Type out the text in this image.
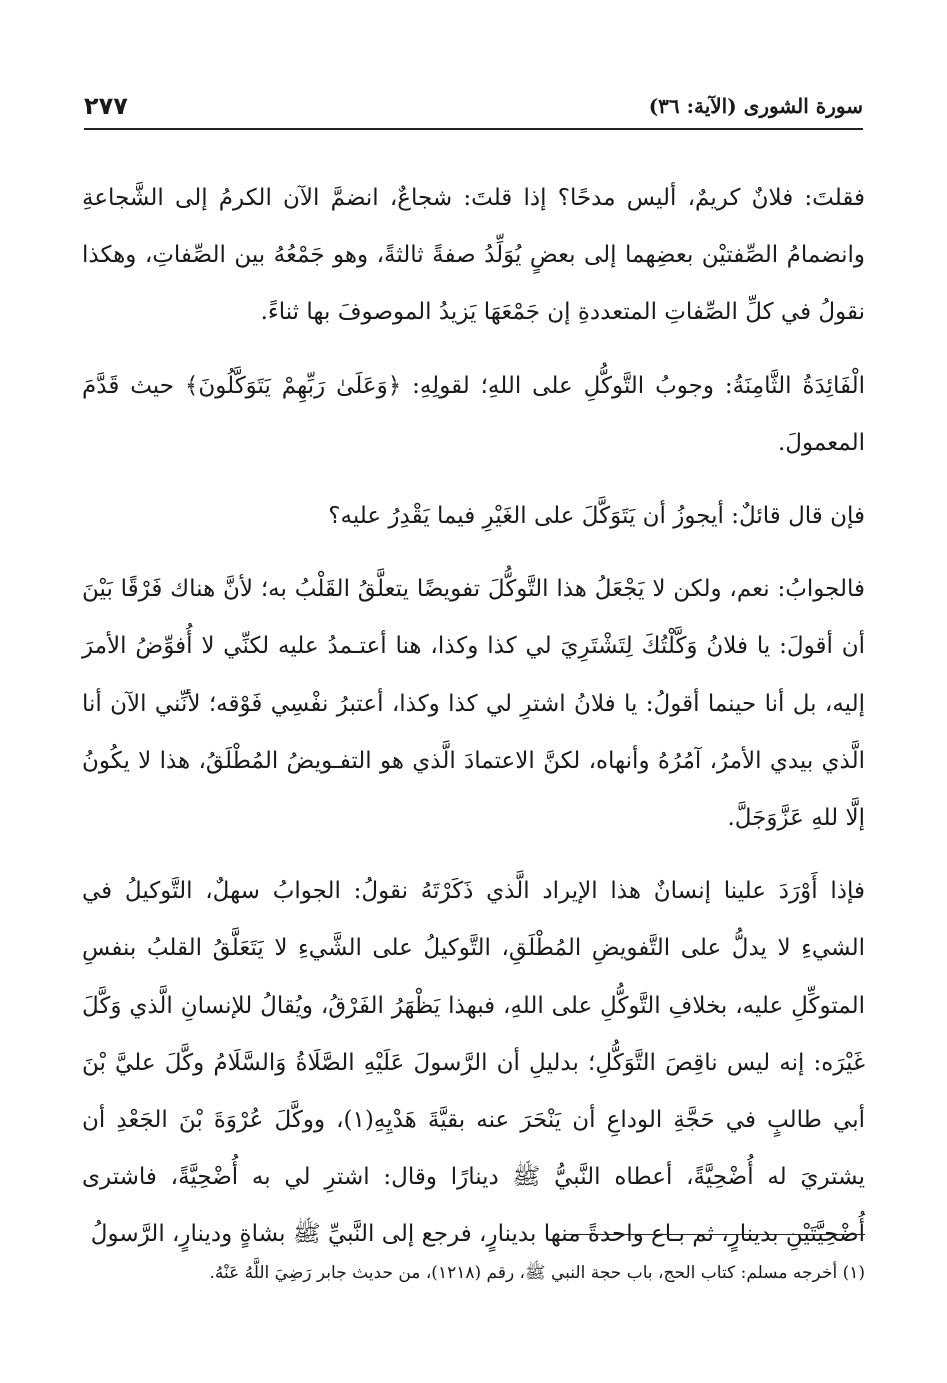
٢٧٧	سورة الشورى (الآية: ٣٦)

فقلتَ: فلانٌ كريمٌ، أليس مدحًا؟ إذا قلتَ: شجاعٌ، انضمَّ الآن الكرمُ إلى الشَّجاعةِ وانضمامُ الصِّفتيْن بعضِهما إلى بعضٍ يُوَلِّدُ صفةً ثالثةً، وهو جَمْعُهُ بين الصِّفاتِ، وهكذا نقولُ في كلِّ الصِّفاتِ المتعددةِ إن جَمْعَهَا يَزيدُ الموصوفَ بها ثناءً.

الْفَائِدَةُ الثَّامِنَةُ: وجوبُ التَّوكُّلِ على اللهِ؛ لقولِهِ: ﴿وَعَلَىٰ رَبِّهِمْ يَتَوَكَّلُونَ﴾ حيث قَدَّمَ المعمولَ.

فإن قال قائلٌ: أيجوزُ أن يَتَوَكَّلَ على الغَيْرِ فيما يَقْدِرُ عليه؟

فالجوابُ: نعم، ولكن لا يَجْعَلُ هذا التَّوكُّلَ تفويضًا يتعلَّقُ القَلْبُ به؛ لأنَّ هناك فَرْقًا بَيْنَ أن أقولَ: يا فلانُ وَكَّلْتُكَ لِتَشْتَرِيَ لي كذا وكذا، هنا أعتـمدُ عليه لكنِّي لا أُفوِّضُ الأمرَ إليه، بل أنا حينما أقولُ: يا فلانُ اشترِ لي كذا وكذا، أعتبرُ نفْسِي فَوْقه؛ لأنِّني الآن أنا الَّذي بيدي الأمرُ، آمُرُهُ وأنهاه، لكنَّ الاعتمادَ الَّذي هو التفـويضُ المُطْلَقُ، هذا لا يكُونُ إلَّا للهِ عَزَّوَجَلَّ.

فإذا أَوْرَدَ علينا إنسانٌ هذا الإيراد الَّذي ذَكَرْتَهُ نقولُ: الجوابُ سهلٌ، التَّوكيلُ في الشيءِ لا يدلُّ على التَّفويضِ المُطْلَقِ، التَّوكيلُ على الشَّيءِ لا يَتَعَلَّقُ القلبُ بنفسِ المتوكِّلِ عليه، بخلافِ التَّوكُّلِ على اللهِ، فبهذا يَظْهَرُ الفَرْقُ، ويُقالُ للإنسانِ الَّذي وَكَّلَ غَيْرَه: إنه ليس ناقِصَ التَّوَكُّلِ؛ بدليلِ أن الرَّسولَ عَلَيْهِ الصَّلَاةُ وَالسَّلَامُ وكَّلَ عليَّ بْنَ أبي طالبٍ في حَجَّةِ الوداعِ أن يَنْحَرَ عنه بقيَّةَ هَدْيِهِ(١)، ووكَّلَ عُرْوَةَ بْنَ الجَعْدِ أن يشتريَ له أُضْحِيَّةً، أعطاه النَّبيُّ ﷺ دينارًا وقال: اشترِ لي به أُضْحِيَّةً، فاشترى أُضْحِيَّتَيْنِ بدينارٍ، ثم بـاع واحدةً منها بدينارٍ، فرجع إلى النَّبيِّ ﷺ بشاةٍ ودينارٍ، الرَّسولُ

(١) أخرجه مسلم: كتاب الحج، باب حجة النبي ﷺ، رقم (١٢١٨)، من حديث جابر رَضِيَ اللَّهُ عَنْهُ.
